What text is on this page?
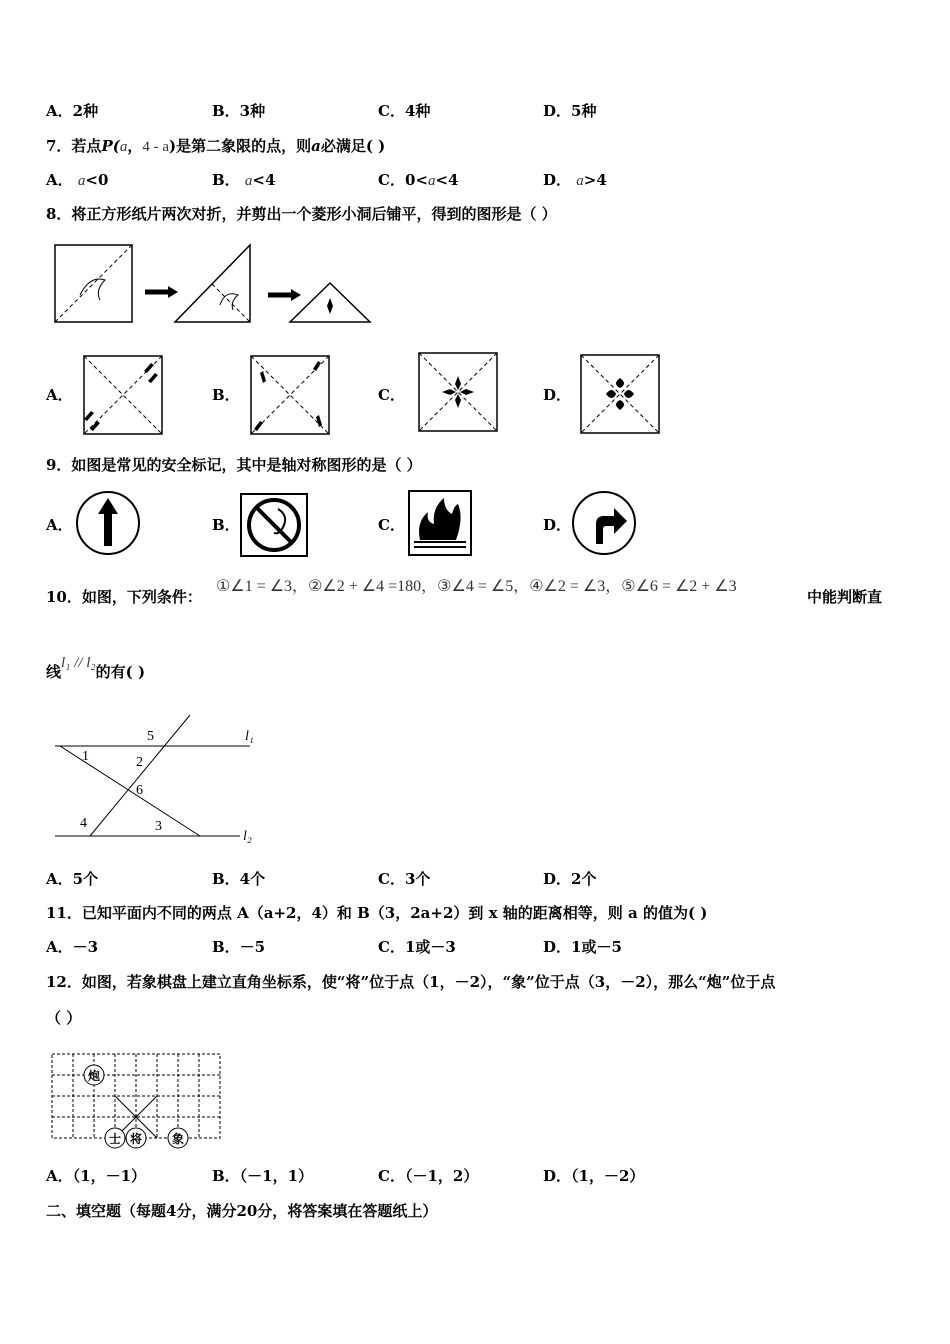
A．2种	B．3种	C．4种	D．5种
7．若点P(a，4 - a)是第二象限的点，则a必满足( )
A． a<0	B． a<4	C．0<a<4	D． a>4
8．将正方形纸片两次对折，并剪出一个菱形小洞后铺平，得到的图形是（ ）
A．	B．	C．	D．
9．如图是常见的安全标记，其中是轴对称图形的是（ ）
A．	B．	C．	D．
10．如图，下列条件：
①∠1 = ∠3，②∠2 + ∠4 =180，③∠4 = ∠5，④∠2 = ∠3，⑤∠6 = ∠2 + ∠3
中能判断直
线l₁ // l₂的有( )
l₁
l₂
1	2
3
4
5
6
A．5个	B．4个	C．3个	D．2个
11．已知平面内不同的两点 A（a+2，4）和 B（3，2a+2）到 x 轴的距离相等，则 a 的值为( )
A．－3	B．－5	C．1或－3	D．1或－5
12．如图，若象棋盘上建立直角坐标系，使“将”位于点（1，－2），“象”位于点（3，－2），那么“炮”位于点
（ ）
炮
士 将 象
A．（1，－1）	B．（－1，1）	C．（－1，2）	D．（1，－2）
二、填空题（每题4分，满分20分，将答案填在答题纸上）
